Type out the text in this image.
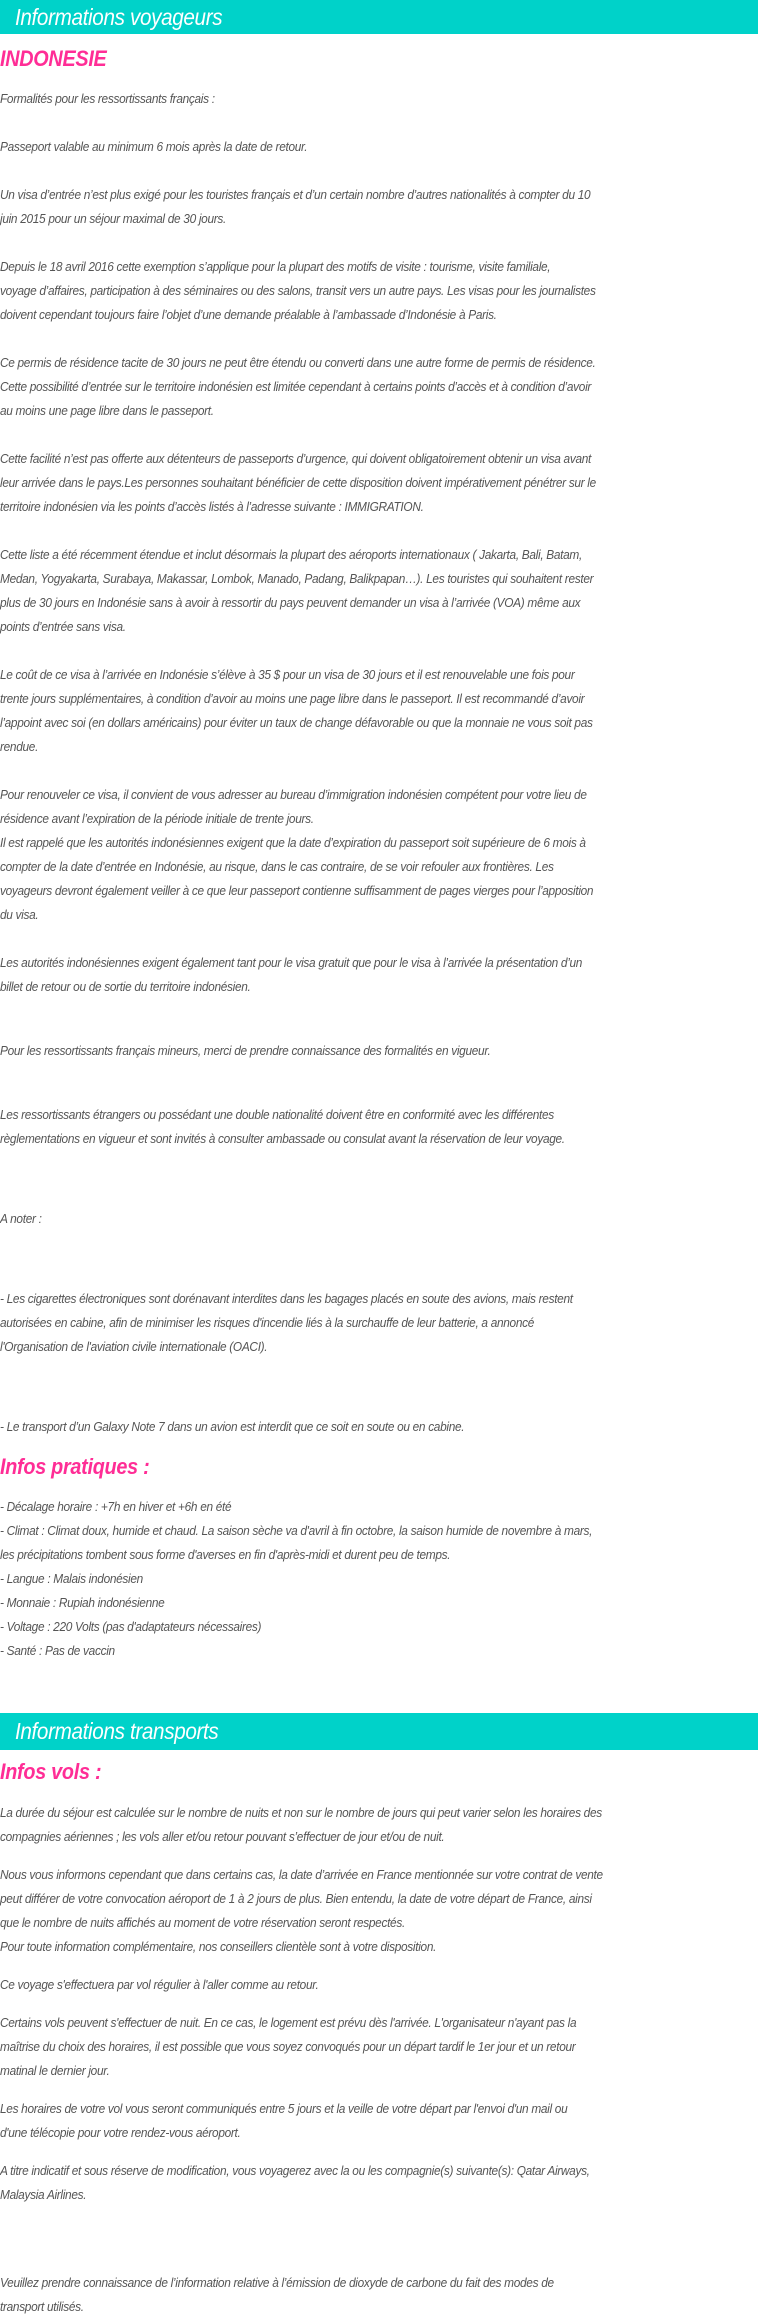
Informations voyageurs
INDONESIE
Formalités pour les ressortissants français :
Passeport valable au minimum 6 mois après la date de retour.
Un visa d’entrée n’est plus exigé pour les touristes français et d’un certain nombre d’autres nationalités à compter du 10
juin 2015 pour un séjour maximal de 30 jours.
Depuis le 18 avril 2016 cette exemption s’applique pour la plupart des motifs de visite : tourisme, visite familiale,
voyage d’affaires, participation à des séminaires ou des salons, transit vers un autre pays. Les visas pour les journalistes
doivent cependant toujours faire l’objet d’une demande préalable à l’ambassade d’Indonésie à Paris.
Ce permis de résidence tacite de 30 jours ne peut être étendu ou converti dans une autre forme de permis de résidence.
Cette possibilité d’entrée sur le territoire indonésien est limitée cependant à certains points d’accès et à condition d’avoir
au moins une page libre dans le passeport.
Cette facilité n’est pas offerte aux détenteurs de passeports d’urgence, qui doivent obligatoirement obtenir un visa avant
leur arrivée dans le pays.Les personnes souhaitant bénéficier de cette disposition doivent impérativement pénétrer sur le
territoire indonésien via les points d’accès listés à l’adresse suivante : IMMIGRATION.
Cette liste a été récemment étendue et inclut désormais la plupart des aéroports internationaux ( Jakarta, Bali, Batam,
Medan, Yogyakarta, Surabaya, Makassar, Lombok, Manado, Padang, Balikpapan…). Les touristes qui souhaitent rester
plus de 30 jours en Indonésie sans à avoir à ressortir du pays peuvent demander un visa à l’arrivée (VOA) même aux
points d’entrée sans visa.
Le coût de ce visa à l’arrivée en Indonésie s’élève à 35 $ pour un visa de 30 jours et il est renouvelable une fois pour
trente jours supplémentaires, à condition d’avoir au moins une page libre dans le passeport. Il est recommandé d’avoir
l’appoint avec soi (en dollars américains) pour éviter un taux de change défavorable ou que la monnaie ne vous soit pas
rendue.
Pour renouveler ce visa, il convient de vous adresser au bureau d’immigration indonésien compétent pour votre lieu de
résidence avant l’expiration de la période initiale de trente jours.
Il est rappelé que les autorités indonésiennes exigent que la date d’expiration du passeport soit supérieure de 6 mois à
compter de la date d’entrée en Indonésie, au risque, dans le cas contraire, de se voir refouler aux frontières. Les
voyageurs devront également veiller à ce que leur passeport contienne suffisamment de pages vierges pour l’apposition
du visa.
Les autorités indonésiennes exigent également tant pour le visa gratuit que pour le visa à l’arrivée la présentation d’un
billet de retour ou de sortie du territoire indonésien.
Pour les ressortissants français mineurs, merci de prendre connaissance des formalités en vigueur.
Les ressortissants étrangers ou possédant une double nationalité doivent être en conformité avec les différentes
règlementations en vigueur et sont invités à consulter ambassade ou consulat avant la réservation de leur voyage.
A noter :
- Les cigarettes électroniques sont dorénavant interdites dans les bagages placés en soute des avions, mais restent
autorisées en cabine, afin de minimiser les risques d'incendie liés à la surchauffe de leur batterie, a annoncé
l'Organisation de l'aviation civile internationale (OACI).
- Le transport d’un Galaxy Note 7 dans un avion est interdit que ce soit en soute ou en cabine.
Infos pratiques :
- Décalage horaire : +7h en hiver et +6h en été
- Climat : Climat doux, humide et chaud. La saison sèche va d'avril à fin octobre, la saison humide de novembre à mars,
les précipitations tombent sous forme d'averses en fin d'après-midi et durent peu de temps.
- Langue : Malais indonésien
- Monnaie : Rupiah indonésienne
- Voltage : 220 Volts (pas d'adaptateurs nécessaires)
- Santé : Pas de vaccin
Informations transports
Infos vols :
La durée du séjour est calculée sur le nombre de nuits et non sur le nombre de jours qui peut varier selon les horaires des
compagnies aériennes ; les vols aller et/ou retour pouvant s’effectuer de jour et/ou de nuit.
Nous vous informons cependant que dans certains cas, la date d’arrivée en France mentionnée sur votre contrat de vente
peut différer de votre convocation aéroport de 1 à 2 jours de plus. Bien entendu, la date de votre départ de France, ainsi
que le nombre de nuits affichés au moment de votre réservation seront respectés.
Pour toute information complémentaire, nos conseillers clientèle sont à votre disposition.
Ce voyage s'effectuera par vol régulier à l'aller comme au retour.
Certains vols peuvent s'effectuer de nuit. En ce cas, le logement est prévu dès l'arrivée. L'organisateur n'ayant pas la
maîtrise du choix des horaires, il est possible que vous soyez convoqués pour un départ tardif le 1er jour et un retour
matinal le dernier jour.
Les horaires de votre vol vous seront communiqués entre 5 jours et la veille de votre départ par l'envoi d'un mail ou
d'une télécopie pour votre rendez-vous aéroport.
A titre indicatif et sous réserve de modification, vous voyagerez avec la ou les compagnie(s) suivante(s): Qatar Airways,
Malaysia Airlines.
Veuillez prendre connaissance de l’information relative à l’émission de dioxyde de carbone du fait des modes de
transport utilisés.
